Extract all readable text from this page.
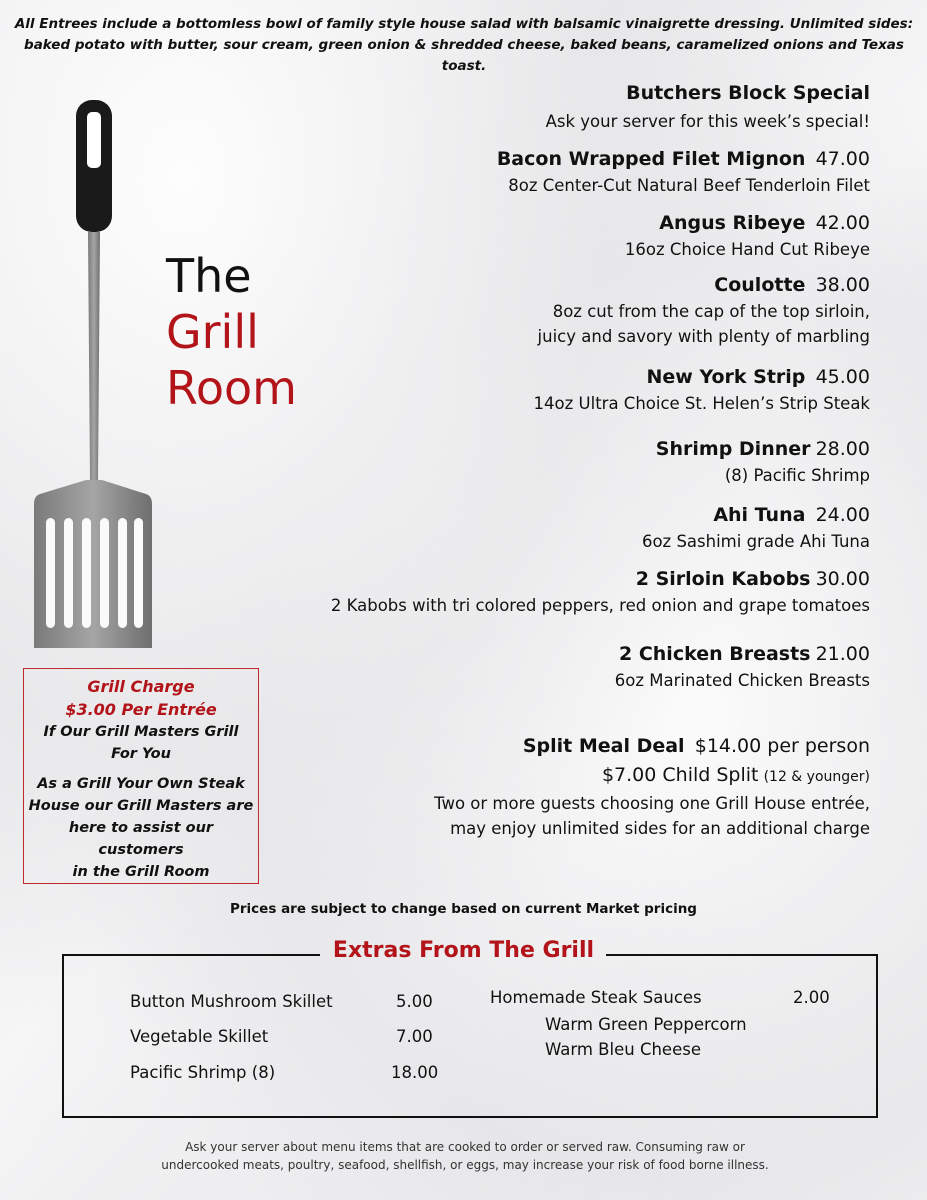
All Entrees include a bottomless bowl of family style house salad with balsamic vinaigrette dressing. Unlimited sides: baked potato with butter, sour cream, green onion & shredded cheese, baked beans, caramelized onions and Texas toast.
The
Grill
Room
Butchers Block Special
Ask your server for this week’s special!
Bacon Wrapped Filet Mignon 47.00
8oz Center-Cut Natural Beef Tenderloin Filet
Angus Ribeye 42.00
16oz Choice Hand Cut Ribeye
Coulotte 38.00
8oz cut from the cap of the top sirloin,
juicy and savory with plenty of marbling
New York Strip 45.00
14oz Ultra Choice St. Helen’s Strip Steak
Shrimp Dinner 28.00
(8) Pacific Shrimp
Ahi Tuna 24.00
6oz Sashimi grade Ahi Tuna
2 Sirloin Kabobs 30.00
2 Kabobs with tri colored peppers, red onion and grape tomatoes
2 Chicken Breasts 21.00
6oz Marinated Chicken Breasts
Split Meal Deal $14.00 per person
$7.00 Child Split (12 & younger)
Two or more guests choosing one Grill House entrée,
may enjoy unlimited sides for an additional charge
Grill Charge
$3.00 Per Entrée
If Our Grill Masters Grill
For You
As a Grill Your Own Steak
House our Grill Masters are
here to assist our customers
in the Grill Room
Prices are subject to change based on current Market pricing
Extras From The Grill
Button Mushroom Skillet	5.00
Vegetable Skillet	7.00
Pacific Shrimp (8)	18.00
Homemade Steak Sauces	2.00
Warm Green Peppercorn
Warm Bleu Cheese
Ask your server about menu items that are cooked to order or served raw. Consuming raw or
undercooked meats, poultry, seafood, shellfish, or eggs, may increase your risk of food borne illness.
